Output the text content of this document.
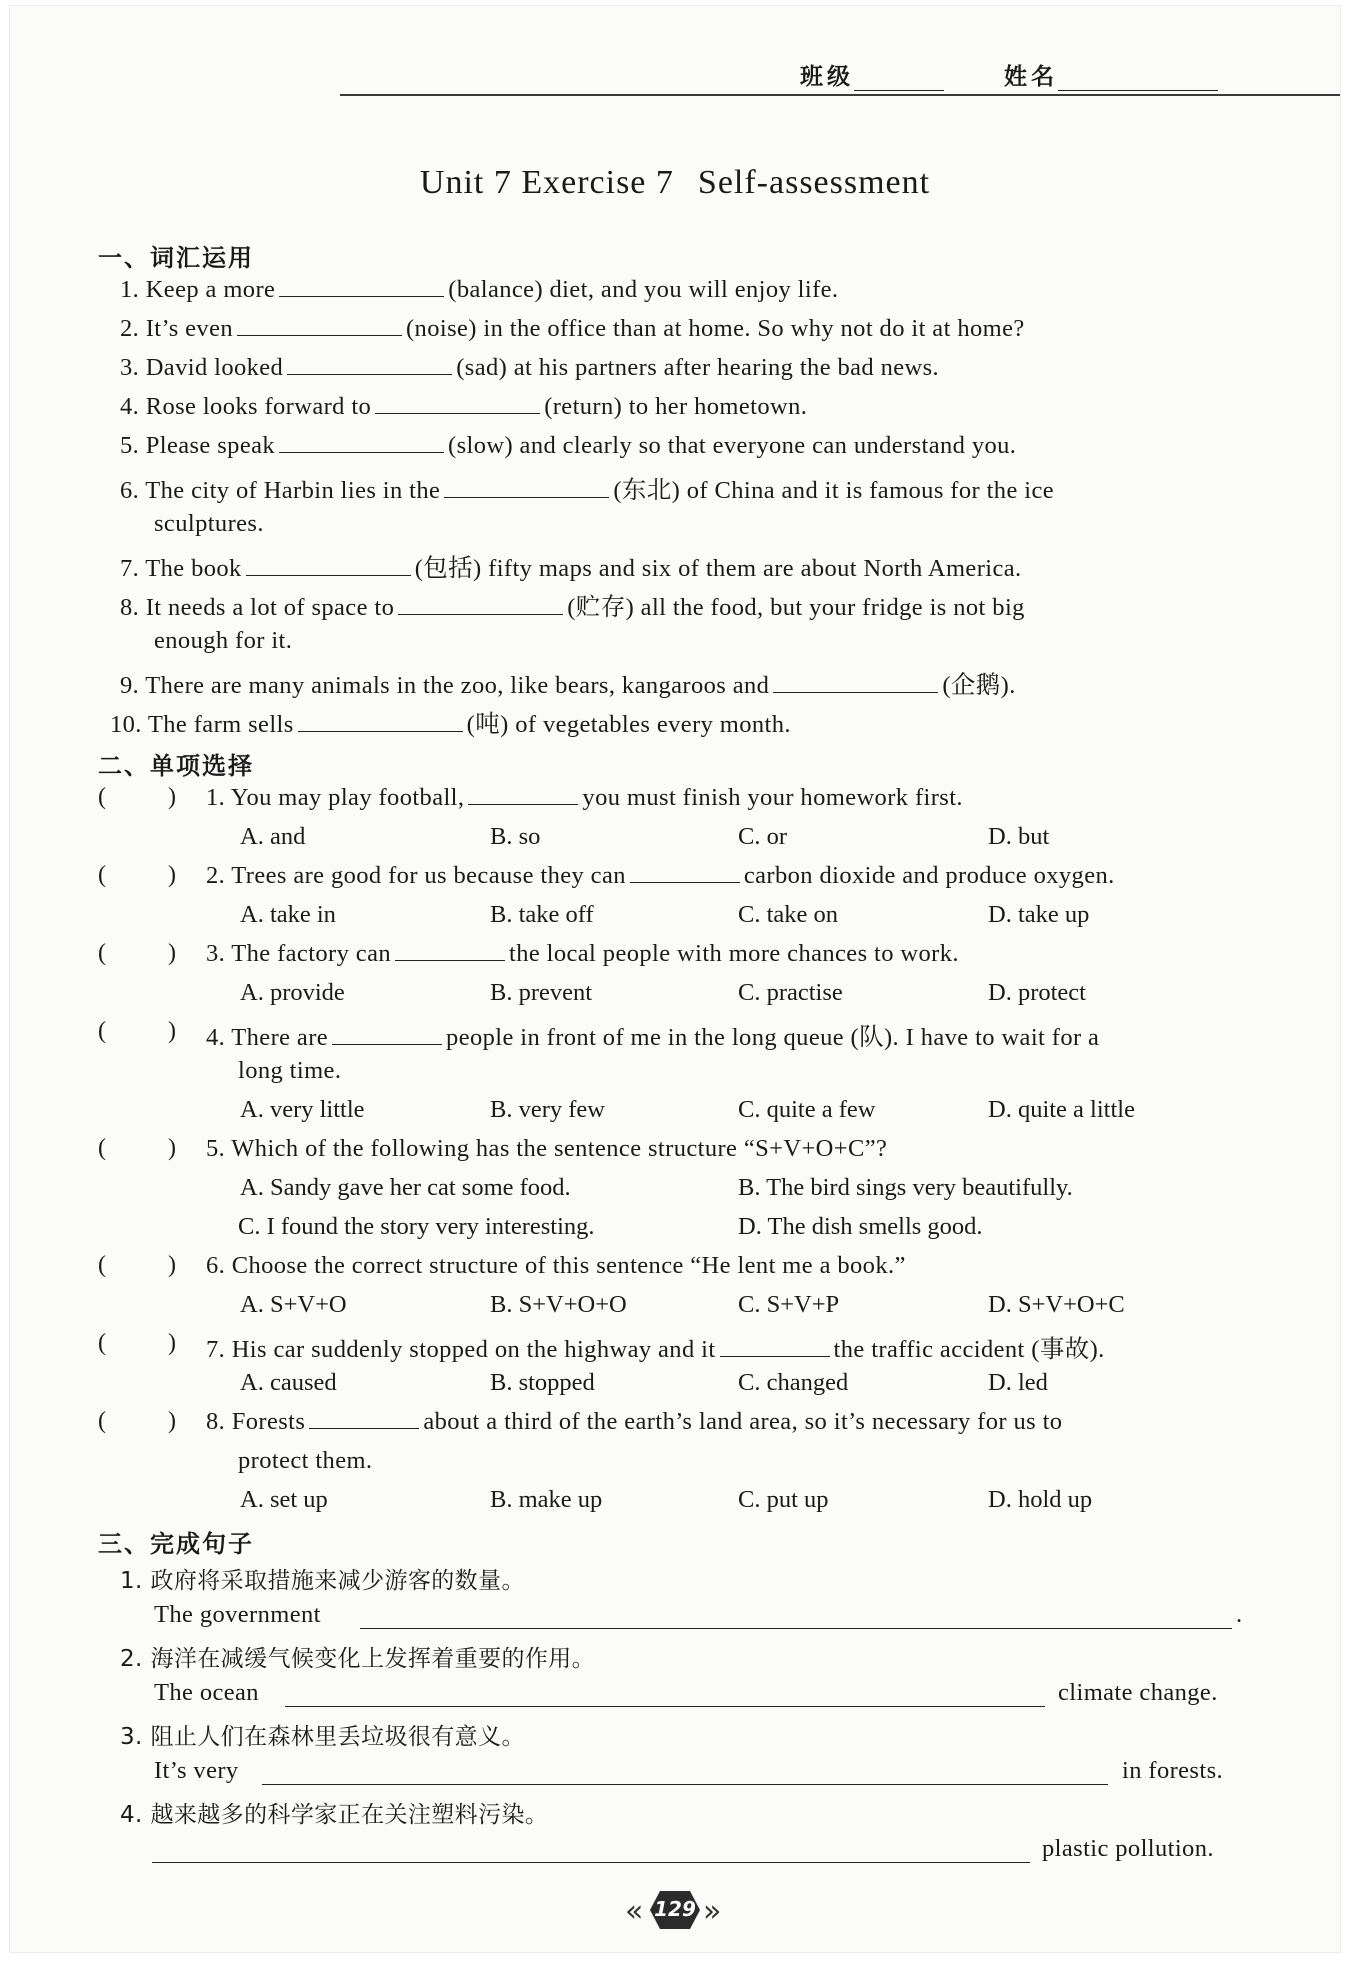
班级	姓名
Unit 7 Exercise 7 Self-assessment
一、词汇运用
1. Keep a more	(balance) diet, and you will enjoy life.
2. It’s even	(noise) in the office than at home. So why not do it at home?
3. David looked	(sad) at his partners after hearing the bad news.
4. Rose looks forward to	(return) to her hometown.
5. Please speak	(slow) and clearly so that everyone can understand you.
6. The city of Harbin lies in the	(东北) of China and it is famous for the ice
sculptures.
7. The book	(包括) fifty maps and six of them are about North America.
8. It needs a lot of space to	(贮存) all the food, but your fridge is not big
enough for it.
9. There are many animals in the zoo, like bears, kangaroos and	(企鹅).
10. The farm sells	(吨) of vegetables every month.
二、单项选择
(	) 1. You may play football,	you must finish your homework first.
A. and	B. so	C. or	D. but
(	) 2. Trees are good for us because they can	carbon dioxide and produce oxygen.
A. take in	B. take off	C. take on	D. take up
(	) 3. The factory can	the local people with more chances to work.
A. provide	B. prevent	C. practise	D. protect
(	) 4. There are	people in front of me in the long queue (队). I have to wait for a
long time.
A. very little	B. very few	C. quite a few	D. quite a little
(	) 5. Which of the following has the sentence structure “S+V+O+C”?
A. Sandy gave her cat some food.	B. The bird sings very beautifully.
C. I found the story very interesting.	D. The dish smells good.
(	) 6. Choose the correct structure of this sentence “He lent me a book.”
A. S+V+O	B. S+V+O+O	C. S+V+P	D. S+V+O+C
(	) 7. His car suddenly stopped on the highway and it	the traffic accident (事故).
A. caused	B. stopped	C. changed	D. led
(	) 8. Forests	about a third of the earth’s land area, so it’s necessary for us to
protect them.
A. set up	B. make up	C. put up	D. hold up
三、完成句子
1. 政府将采取措施来减少游客的数量。
The government	.
2. 海洋在减缓气候变化上发挥着重要的作用。
The ocean	climate change.
3. 阻止人们在森林里丢垃圾很有意义。
It’s very	in forests.
4. 越来越多的科学家正在关注塑料污染。
plastic pollution.
« 129 »
